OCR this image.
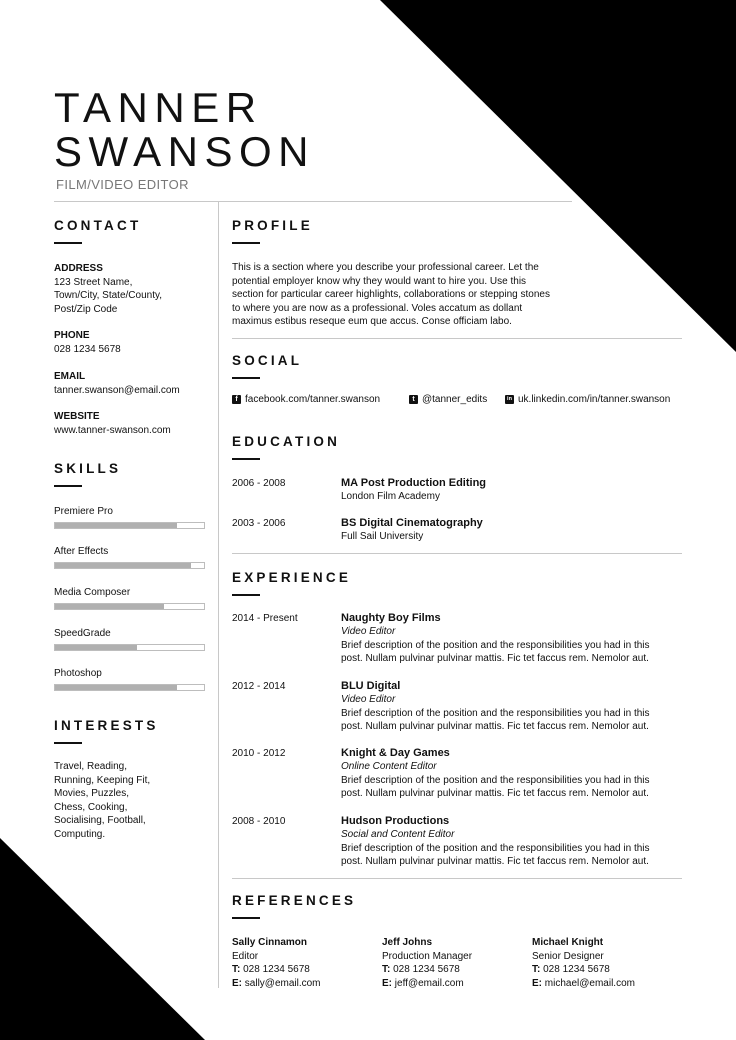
TANNER
SWANSON
FILM/VIDEO EDITOR
CONTACT
ADDRESS
123 Street Name,
Town/City, State/County,
Post/Zip Code
PHONE
028 1234 5678
EMAIL
tanner.swanson@email.com
WEBSITE
www.tanner-swanson.com
SKILLS
Premiere Pro
After Effects
Media Composer
SpeedGrade
Photoshop
INTERESTS
Travel, Reading,
Running, Keeping Fit,
Movies, Puzzles,
Chess, Cooking,
Socialising, Football,
Computing.
PROFILE
This is a section where you describe your professional career. Let the potential employer know why they would want to hire you. Use this section for particular career highlights, collaborations or stepping stones to where you are now as a professional. Voles accatum as dollant maximus estibus reseque eum que accus. Conse officiam labo.
SOCIAL
f facebook.com/tanner.swanson	t @tanner_edits	in uk.linkedin.com/in/tanner.swanson
EDUCATION
2006 - 2008	MA Post Production Editing
London Film Academy
2003 - 2006	BS Digital Cinematography
Full Sail University
EXPERIENCE
2014 - Present	Naughty Boy Films
Video Editor
Brief description of the position and the responsibilities you had in this post. Nullam pulvinar pulvinar mattis. Fic tet faccus rem. Nemolor aut.
2012 - 2014	BLU Digital
Video Editor
Brief description of the position and the responsibilities you had in this post. Nullam pulvinar pulvinar mattis. Fic tet faccus rem. Nemolor aut.
2010 - 2012	Knight & Day Games
Online Content Editor
Brief description of the position and the responsibilities you had in this post. Nullam pulvinar pulvinar mattis. Fic tet faccus rem. Nemolor aut.
2008 - 2010	Hudson Productions
Social and Content Editor
Brief description of the position and the responsibilities you had in this post. Nullam pulvinar pulvinar mattis. Fic tet faccus rem. Nemolor aut.
REFERENCES
Sally Cinnamon
Editor
T: 028 1234 5678
E: sally@email.com
Jeff Johns
Production Manager
T: 028 1234 5678
E: jeff@email.com
Michael Knight
Senior Designer
T: 028 1234 5678
E: michael@email.com
